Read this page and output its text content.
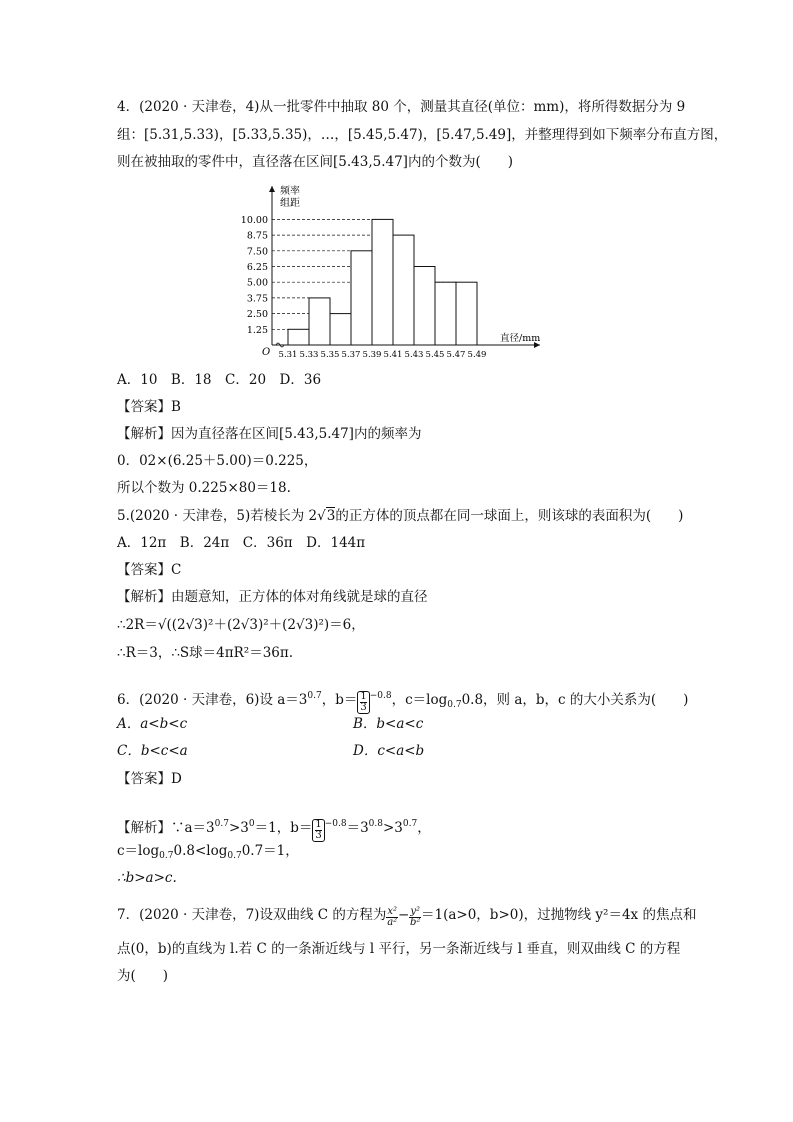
4．(2020 · 天津卷，4)从一批零件中抽取 80 个，测量其直径(单位：mm)，将所得数据分为 9
组：[5.31,5.33)，[5.33,5.35)，…，[5.45,5.47)，[5.47,5.49]，并整理得到如下频率分布直方图，
则在被抽取的零件中，直径落在区间[5.43,5.47]内的个数为(　　)
频率
组距
直径/mm
O
1.25
2.50
3.75
5.00
6.25
7.50
8.75
10.00
5.31 5.33 5.35 5.37 5.39 5.41 5.43 5.45 5.47 5.49
A．10　B．18　C．20　D．36
【答案】B
【解析】因为直径落在区间[5.43,5.47]内的频率为
0．02×(6.25＋5.00)＝0.225，
所以个数为 0.225×80＝18.
5.(2020 · 天津卷，5)若棱长为 2√3的正方体的顶点都在同一球面上，则该球的表面积为(　　)
A．12π　B．24π　C．36π　D．144π
【答案】C
【解析】由题意知，正方体的体对角线就是球的直径
∴2R＝√((2√3)²＋(2√3)²＋(2√3)²)＝6，
∴R＝3，∴S球＝4πR²＝36π.
6．(2020 · 天津卷，6)设 $a=3^{0.7}$，$b= \frac{1}{3} ^{-0.8}$，$c=\log_{0.7}0.8$，则 a，b，c 的大小关系为(　　)
A．a<b<c	B．b<a<c
C．b<c<a	D．c<a<b
【答案】D
【解析】$\because a=3^{0.7}>3^0=1$，$b= \frac{1}{3} ^{-0.8}=3^{0.8}>3^{0.7}$，
$c=\log_{0.7}0.8<\log_{0.7}0.7=1$，
∴b>a>c.
7．(2020 · 天津卷，7)设双曲线 C 的方程为 $\frac{\text{x²}}{\text{a²}} - \frac{\text{y²}}{\text{b²}} =1(a>0$，b>0)，过抛物线 y²＝4x 的焦点和
点(0，b)的直线为 l.若 C 的一条渐近线与 l 平行，另一条渐近线与 l 垂直，则双曲线 C 的方程
为(　　)
